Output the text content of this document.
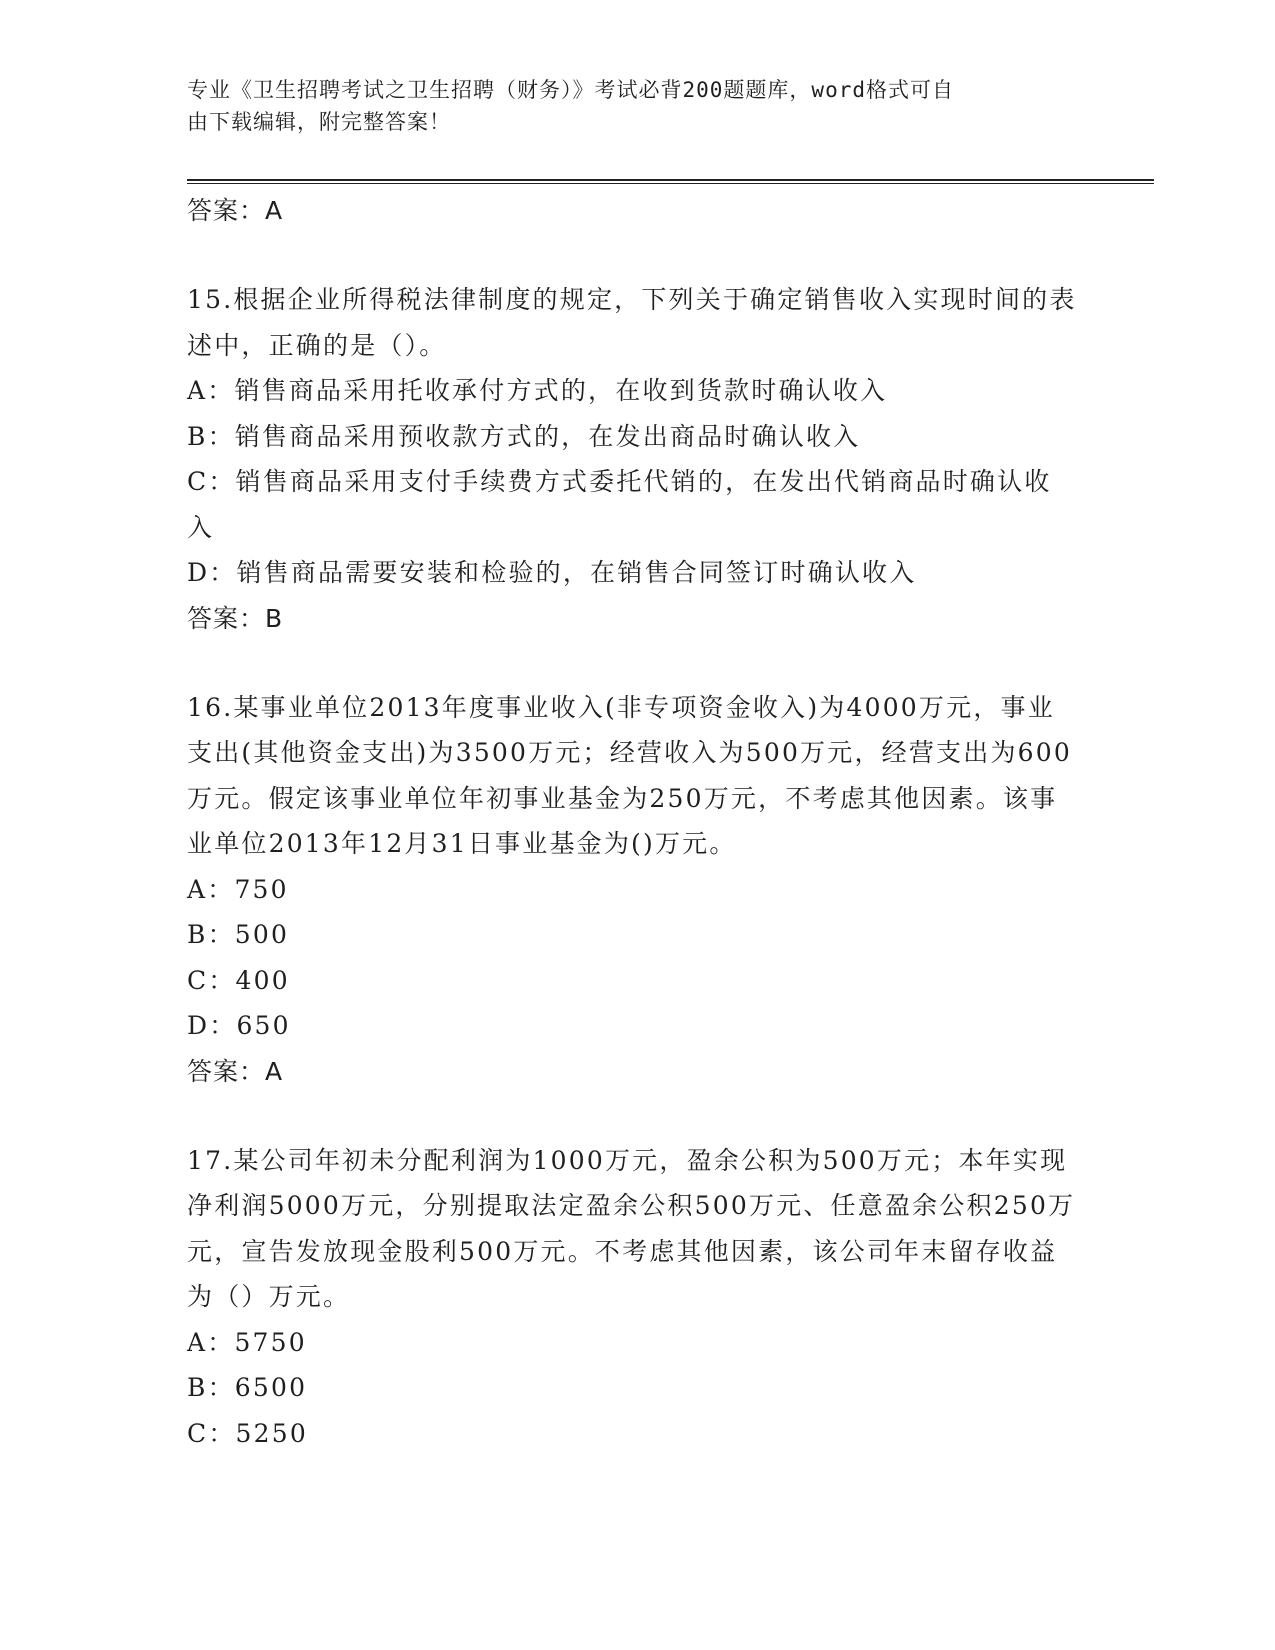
专业《卫生招聘考试之卫生招聘（财务）》考试必背200题题库，word格式可自
由下载编辑，附完整答案！
答案：A

15.根据企业所得税法律制度的规定，下列关于确定销售收入实现时间的表述中，正确的是（）。

A：销售商品采用托收承付方式的，在收到货款时确认收入

B：销售商品采用预收款方式的，在发出商品时确认收入

C：销售商品采用支付手续费方式委托代销的，在发出代销商品时确认收入

D：销售商品需要安装和检验的，在销售合同签订时确认收入

答案：B

16.某事业单位2013年度事业收入(非专项资金收入)为4000万元，事业支出(其他资金支出)为3500万元；经营收入为500万元，经营支出为600万元。假定该事业单位年初事业基金为250万元，不考虑其他因素。该事业单位2013年12月31日事业基金为()万元。

A：750

B：500

C：400

D：650

答案：A

17.某公司年初未分配利润为1000万元，盈余公积为500万元；本年实现净利润5000万元，分别提取法定盈余公积500万元、任意盈余公积250万元，宣告发放现金股利500万元。不考虑其他因素，该公司年末留存收益为（）万元。

A：5750

B：6500

C：5250
